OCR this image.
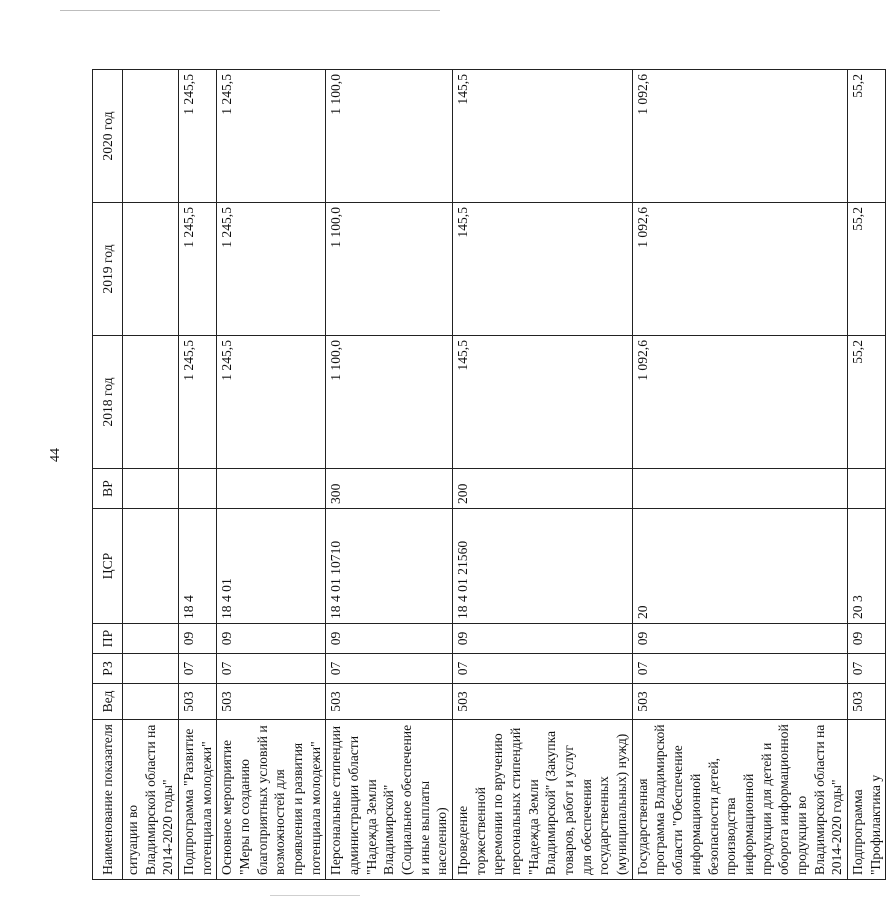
44
Наименование показателя	Вед	РЗ	ПР	ЦСР	ВР	2018 год	2019 год	2020 год
ситуации во Владимирской области на 2014-2020 годы"								
Подпрограмма "Развитие потенциала молодежи"	503	07	09	18 4		1 245,5	1 245,5	1 245,5
Основное мероприятие "Меры по созданию благоприятных условий и возможностей для проявления и развития потенциала молодежи"	503	07	09	18 4 01		1 245,5	1 245,5	1 245,5
Персональные стипендии администрации области "Надежда Земли Владимирской" (Социальное обеспечение и иные выплаты населению)	503	07	09	18 4 01 10710	300	1 100,0	1 100,0	1 100,0
Проведение торжественной церемонии по вручению персональных стипендий "Надежда Земли Владимирской" (Закупка товаров, работ и услуг для обеспечения государственных (муниципальных) нужд)	503	07	09	18 4 01 21560	200	145,5	145,5	145,5
Государственная программа Владимирской области "Обеспечение информационной безопасности детей, производства информационной продукции для детей и оборота информационной продукции во Владимирской области на 2014-2020 годы"	503	07	09	20		1 092,6	1 092,6	1 092,6
Подпрограмма "Профилактика у	503	07	09	20 3		55,2	55,2	55,2
